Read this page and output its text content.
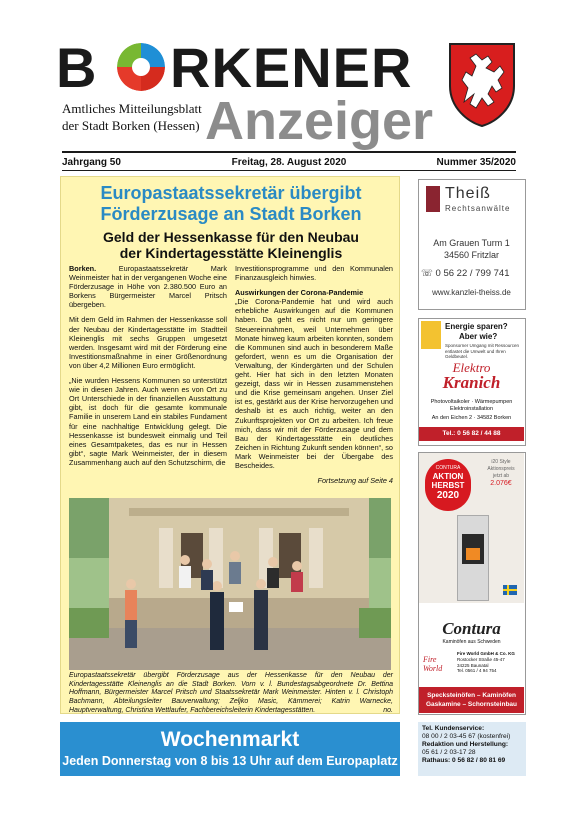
B RKENER
Amtliches Mitteilungsblatt
der Stadt Borken (Hessen) Anzeiger
Jahrgang 50	Freitag, 28. August 2020	Nummer 35/2020
Europastaatssekretär übergibt
Förderzusage an Stadt Borken
Geld der Hessenkasse für den Neubau
der Kindertagesstätte Kleinenglis

Borken.	Europastaatssekretär Mark Weinmeister hat in der vergangenen Woche eine Förderzusage in Höhe von 2.380.500 Euro an Borkens Bürgermeister Marcel Pritsch übergeben.

Mit dem Geld im Rahmen der Hessenkasse soll der Neubau der Kindertagesstätte im Stadtteil Kleinenglis mit sechs Gruppen umgesetzt werden. Insgesamt wird mit der Förderung eine Investitionsmaßnahme in einer Größenordnung von über 4,2 Millionen Euro ermöglicht.

„Nie wurden Hessens Kommunen so unterstützt wie in diesen Jahren. Auch wenn es von Ort zu Ort Unterschiede in der finanziellen Ausstattung gibt, ist doch für die gesamte kommunale Familie in unserem Land ein stabiles Fundament für eine nachhaltige Entwicklung gelegt. Die Hessenkasse ist bundesweit einmalig und Teil eines Gesamtpaketes, das es nur in Hessen gibt“, sagte Mark Weinmeister, der in diesem Zusammenhang auch auf den Schutzschirm, die

Investitionsprogramme und den Kommunalen Finanzausgleich hinwies.

Auswirkungen der Corona-Pandemie

„Die Corona-Pandemie hat und wird auch erhebliche Auswirkungen auf die Kommunen haben. Da geht es nicht nur um geringere Steuereinnahmen, weil Unternehmen über Monate hinweg kaum arbeiten konnten, sondern die Kommunen sind auch in besonderem Maße gefordert, wenn es um die Organisation der Verwaltung, der Kindergärten und der Schulen geht. Hier hat sich in den letzten Monaten gezeigt, dass wir in Hessen zusammenstehen und die Krise gemeinsam angehen. Unser Ziel ist es, gestärkt aus der Krise hervorzugehen und deshalb ist es auch richtig, weiter an den Zukunftsprojekten vor Ort zu arbeiten. Ich freue mich, dass wir mit der Förderzusage und dem Bau der Kindertagesstätte ein deutliches Zeichen in Richtung Zukunft senden können“, so Mark Weinmeister bei der Übergabe des Bescheides.

Fortsetzung auf Seite 4
Europastaatssekretär übergibt Förderzusage aus der Hessenkasse für den Neubau der Kindertagesstätte Kleinenglis an die Stadt Borken. Vorn v. l. Bundestagsabgeordnete Dr. Bettina Hoffmann, Bürgermeister Marcel Pritsch und Staatssekretär Mark Weinmeister. Hinten v. l. Christoph Bachmann, Abteilungsleiter Bauverwaltung; Zeljko Masic, Kämmerei; Katrin Warnecke, Hauptverwaltung, Christina Wettlaufer, Fachbereichsleiterin Kindertagesstätten.	no.
Theiß
Rechtsanwälte
Am Grauen Turm 1
34560 Fritzlar
☏ 0 56 22 / 799 741
www.kanzlei-theiss.de
Energie sparen?
Aber wie?
Sponsorner Umgang mit Ressourcen entlastet die Umwelt und Ihren Geldbeutel.
Elektro
Kranich
Photovoltaikoler · Wärmepumpen
Elektroinstallation
An den Eichen 2 · 34582 Borken
Tel.: 0 56 82 / 44 88
CONTURA
AKTION
HERBST
2020
i20 Style
Aktionspreis
jetzt ab
2.076€
Contura
Kaminöfen aus Schweden
Fire World
Fire World GmbH & Co. KG
Rostocker Straße 45-47
34225 Baunatal
Tel. 0561 / 4 94 754
Specksteinöfen – Kaminöfen
Gaskamine – Schornsteinbau
Wochenmarkt
Jeden Donnerstag von 8 bis 13 Uhr auf dem Europaplatz
Tel. Kundenservice:
08 00 / 2 03-45 67 (kostenfrei)
Redaktion und Herstellung:
05 61 / 2 03-17 28
Rathaus: 0 56 82 / 80 81 69
